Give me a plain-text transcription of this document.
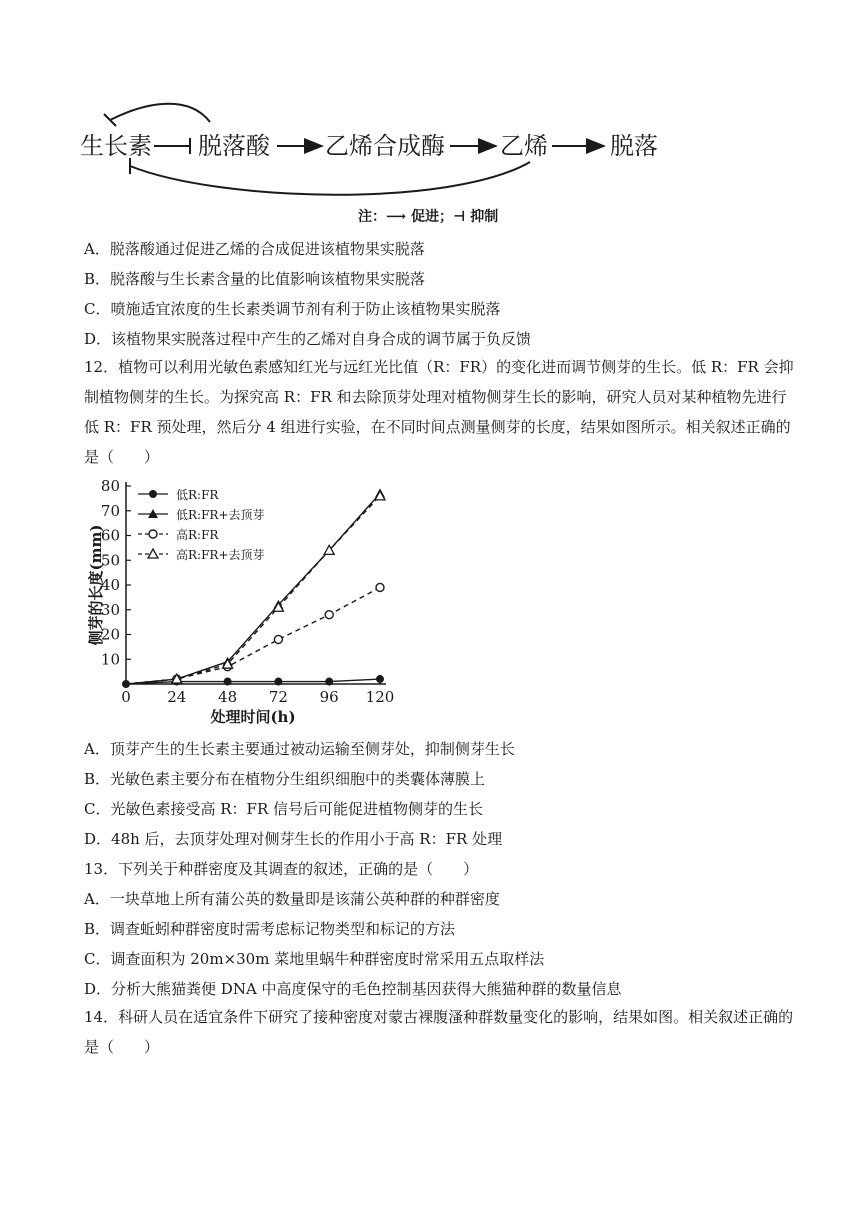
生长素 脱落酸 乙烯合成酶 乙烯	脱落
注：⟶ 促进；⊣ 抑制
A．脱落酸通过促进乙烯的合成促进该植物果实脱落
B．脱落酸与生长素含量的比值影响该植物果实脱落
C．喷施适宜浓度的生长素类调节剂有利于防止该植物果实脱落
D．该植物果实脱落过程中产生的乙烯对自身合成的调节属于负反馈
12．植物可以利用光敏色素感知红光与远红光比值（R：FR）的变化进而调节侧芽的生长。低 R：FR 会抑制植物侧芽的生长。为探究高 R：FR 和去除顶芽处理对植物侧芽生长的影响，研究人员对某种植物先进行低 R：FR 预处理，然后分 4 组进行实验，在不同时间点测量侧芽的长度，结果如图所示。相关叙述正确的是（　　）
10
20
30
40
50
60
70
80
0 24 48 72 96 120
低R:FR
低R:FR+去顶芽
高R:FR
高R:FR+去顶芽
侧芽的长度(mm)
处理时间(h)
A．顶芽产生的生长素主要通过被动运输至侧芽处，抑制侧芽生长
B．光敏色素主要分布在植物分生组织细胞中的类囊体薄膜上
C．光敏色素接受高 R：FR 信号后可能促进植物侧芽的生长
D．48h 后，去顶芽处理对侧芽生长的作用小于高 R：FR 处理
13．下列关于种群密度及其调查的叙述，正确的是（　　）
A．一块草地上所有蒲公英的数量即是该蒲公英种群的种群密度
B．调查蚯蚓种群密度时需考虑标记物类型和标记的方法
C．调查面积为 20m×30m 菜地里蜗牛种群密度时常采用五点取样法
D．分析大熊猫粪便 DNA 中高度保守的毛色控制基因获得大熊猫种群的数量信息
14．科研人员在适宜条件下研究了接种密度对蒙古裸腹溞种群数量变化的影响，结果如图。相关叙述正确的是（　　）
